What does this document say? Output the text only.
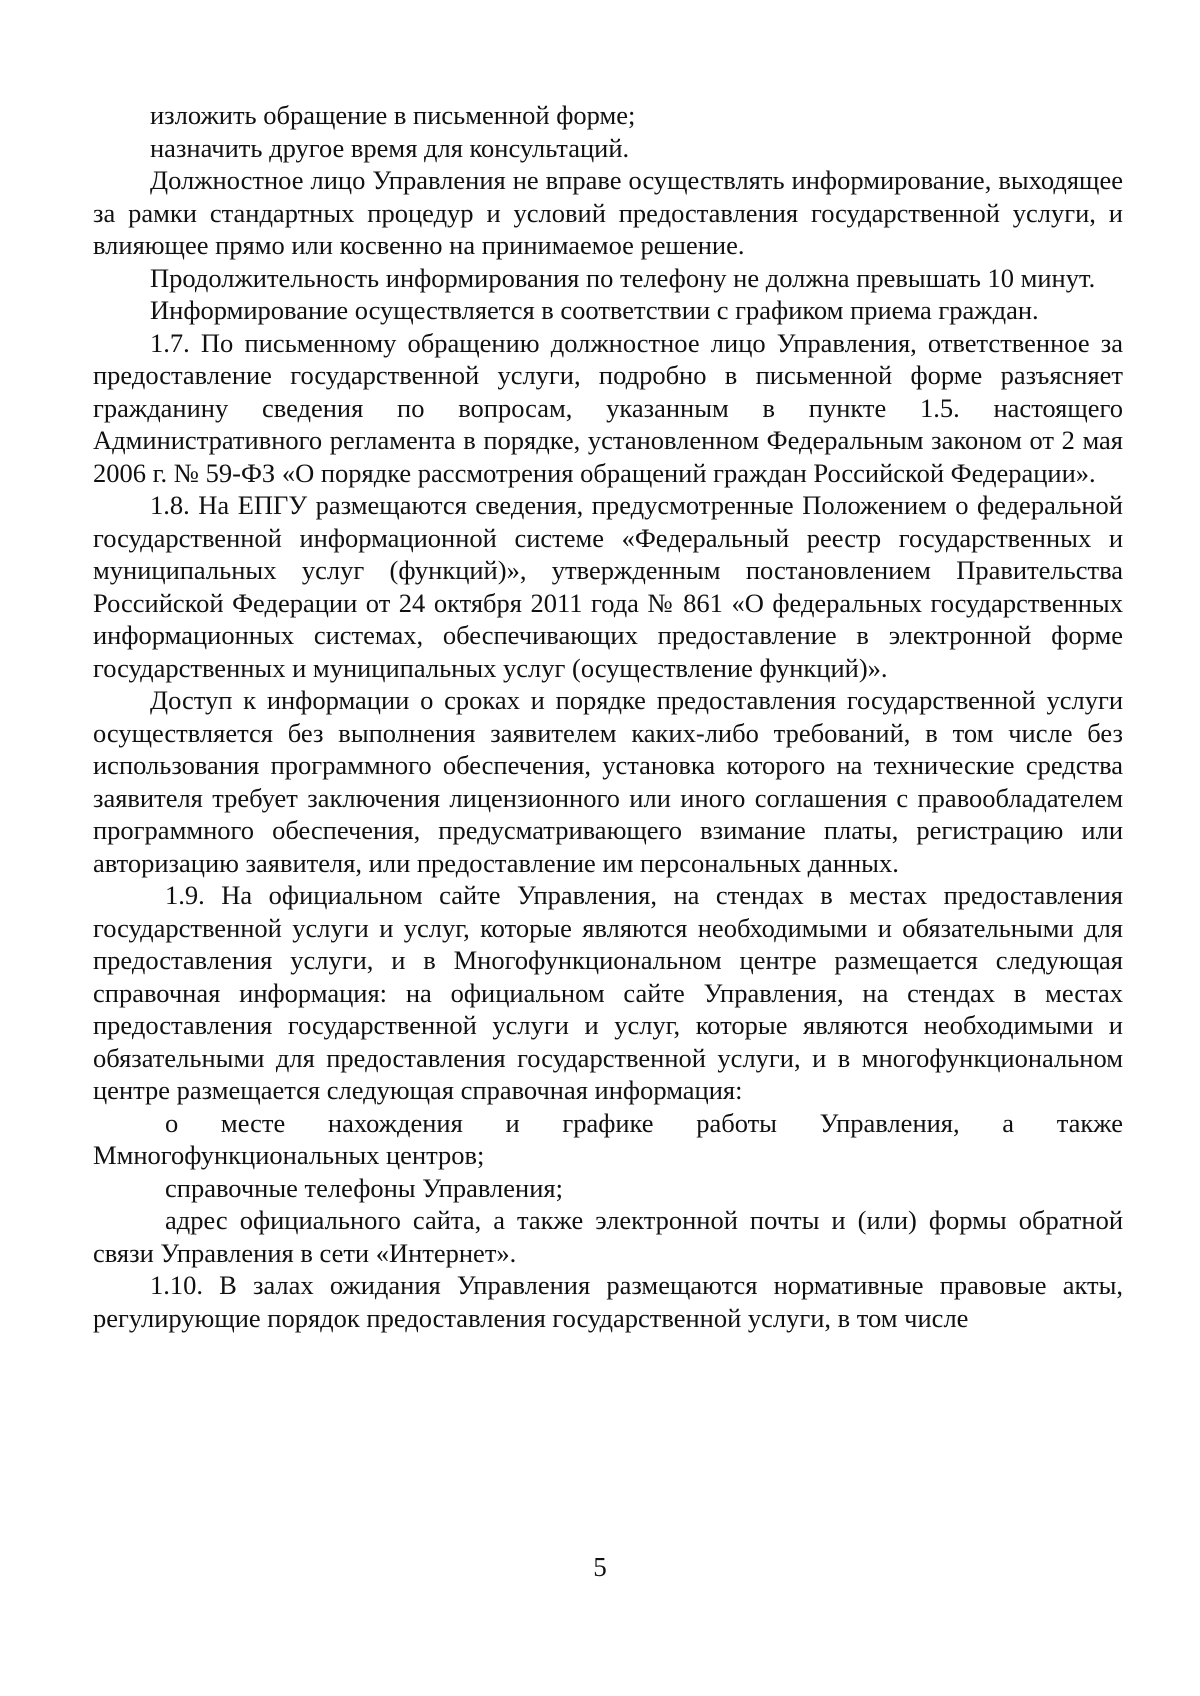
изложить обращение в письменной форме;

назначить другое время для консультаций.

Должностное лицо Управления не вправе осуществлять информирование, выходящее за рамки стандартных процедур и условий предоставления государственной услуги, и влияющее прямо или косвенно на принимаемое решение.

Продолжительность информирования по телефону не должна превышать 10 минут.

Информирование осуществляется в соответствии с графиком приема граждан.

1.7. По письменному обращению должностное лицо Управления, ответственное за предоставление государственной услуги, подробно в письменной форме разъясняет гражданину сведения по вопросам, указанным в пункте 1.5. настоящего Административного регламента в порядке, установленном Федеральным законом от 2 мая 2006 г. № 59-ФЗ «О порядке рассмотрения обращений граждан Российской Федерации».

1.8. На ЕПГУ размещаются сведения, предусмотренные Положением о федеральной государственной информационной системе «Федеральный реестр государственных и муниципальных услуг (функций)», утвержденным постановлением Правительства Российской Федерации от 24 октября 2011 года № 861 «О федеральных государственных информационных системах, обеспечивающих предоставление в электронной форме государственных и муниципальных услуг (осуществление функций)».

Доступ к информации о сроках и порядке предоставления государственной услуги осуществляется без выполнения заявителем каких-либо требований, в том числе без использования программного обеспечения, установка которого на технические средства заявителя требует заключения лицензионного или иного соглашения с правообладателем программного обеспечения, предусматривающего взимание платы, регистрацию или авторизацию заявителя, или предоставление им персональных данных.

1.9. На официальном сайте Управления, на стендах в местах предоставления государственной услуги и услуг, которые являются необходимыми и обязательными для предоставления услуги, и в Многофункциональном центре размещается следующая справочная информация: на официальном сайте Управления, на стендах в местах предоставления государственной услуги и услуг, которые являются необходимыми и обязательными для предоставления государственной услуги, и в многофункциональном центре размещается следующая справочная информация:

о месте нахождения и графике работы Управления, а также Ммногофункциональных центров;

справочные телефоны Управления;

адрес официального сайта, а также электронной почты и (или) формы обратной связи Управления в сети «Интернет».

1.10. В залах ожидания Управления размещаются нормативные правовые акты, регулирующие порядок предоставления государственной услуги, в том числе

5
